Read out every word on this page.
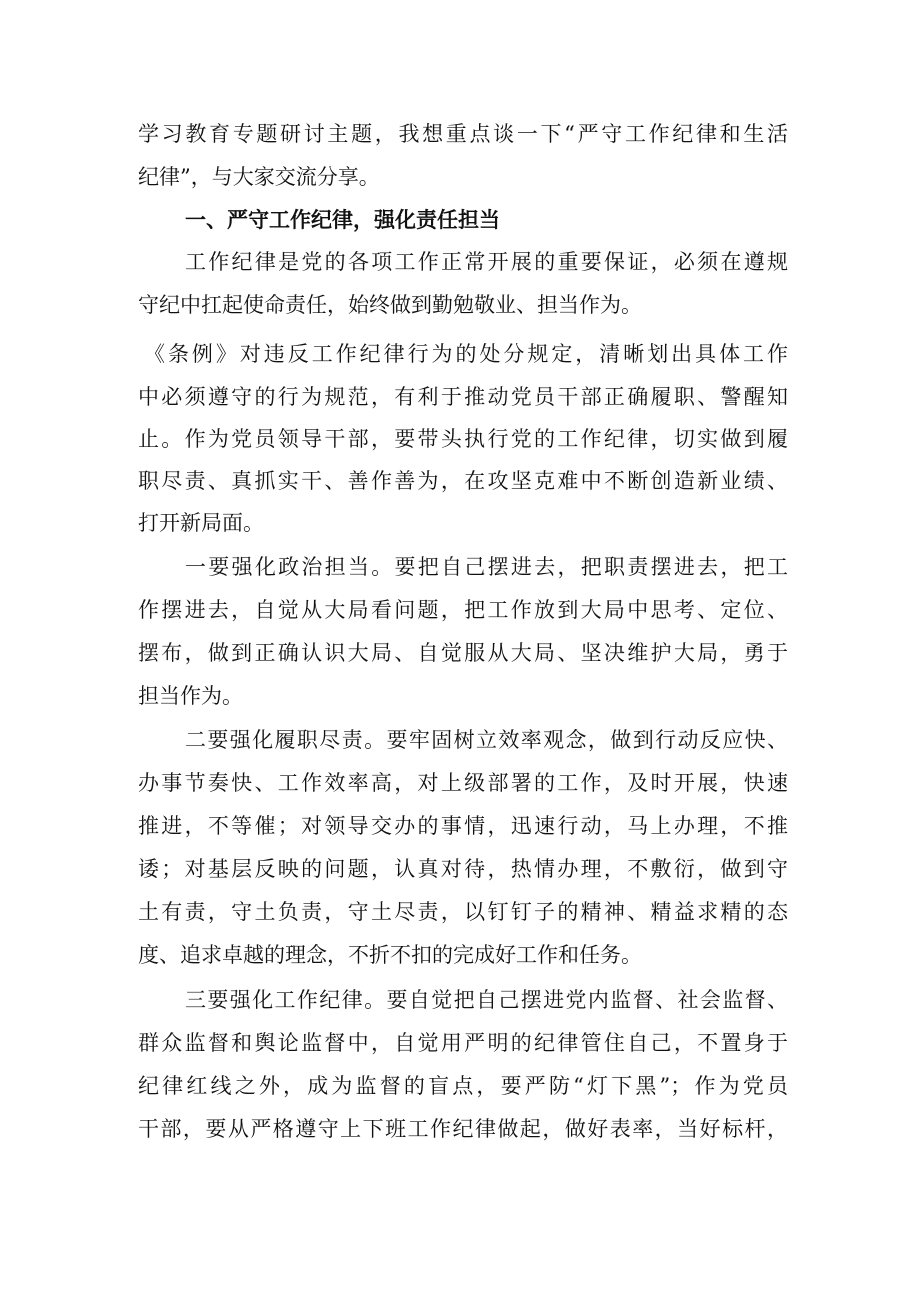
学习教育专题研讨主题，我想重点谈一下“严守工作纪律和生活
纪律”，与大家交流分享。
一、严守工作纪律，强化责任担当
工作纪律是党的各项工作正常开展的重要保证，必须在遵规
守纪中扛起使命责任，始终做到勤勉敬业、担当作为。
《条例》对违反工作纪律行为的处分规定，清晰划出具体工作
中必须遵守的行为规范，有利于推动党员干部正确履职、警醒知
止。作为党员领导干部，要带头执行党的工作纪律，切实做到履
职尽责、真抓实干、善作善为，在攻坚克难中不断创造新业绩、
打开新局面。
一要强化政治担当。要把自己摆进去，把职责摆进去，把工
作摆进去，自觉从大局看问题，把工作放到大局中思考、定位、
摆布，做到正确认识大局、自觉服从大局、坚决维护大局，勇于
担当作为。
二要强化履职尽责。要牢固树立效率观念，做到行动反应快、
办事节奏快、工作效率高，对上级部署的工作，及时开展，快速
推进，不等催；对领导交办的事情，迅速行动，马上办理，不推
诿；对基层反映的问题，认真对待，热情办理，不敷衍，做到守
土有责，守土负责，守土尽责，以钉钉子的精神、精益求精的态
度、追求卓越的理念，不折不扣的完成好工作和任务。
三要强化工作纪律。要自觉把自己摆进党内监督、社会监督、
群众监督和舆论监督中，自觉用严明的纪律管住自己，不置身于
纪律红线之外，成为监督的盲点，要严防“灯下黑”；作为党员
干部，要从严格遵守上下班工作纪律做起，做好表率，当好标杆，
